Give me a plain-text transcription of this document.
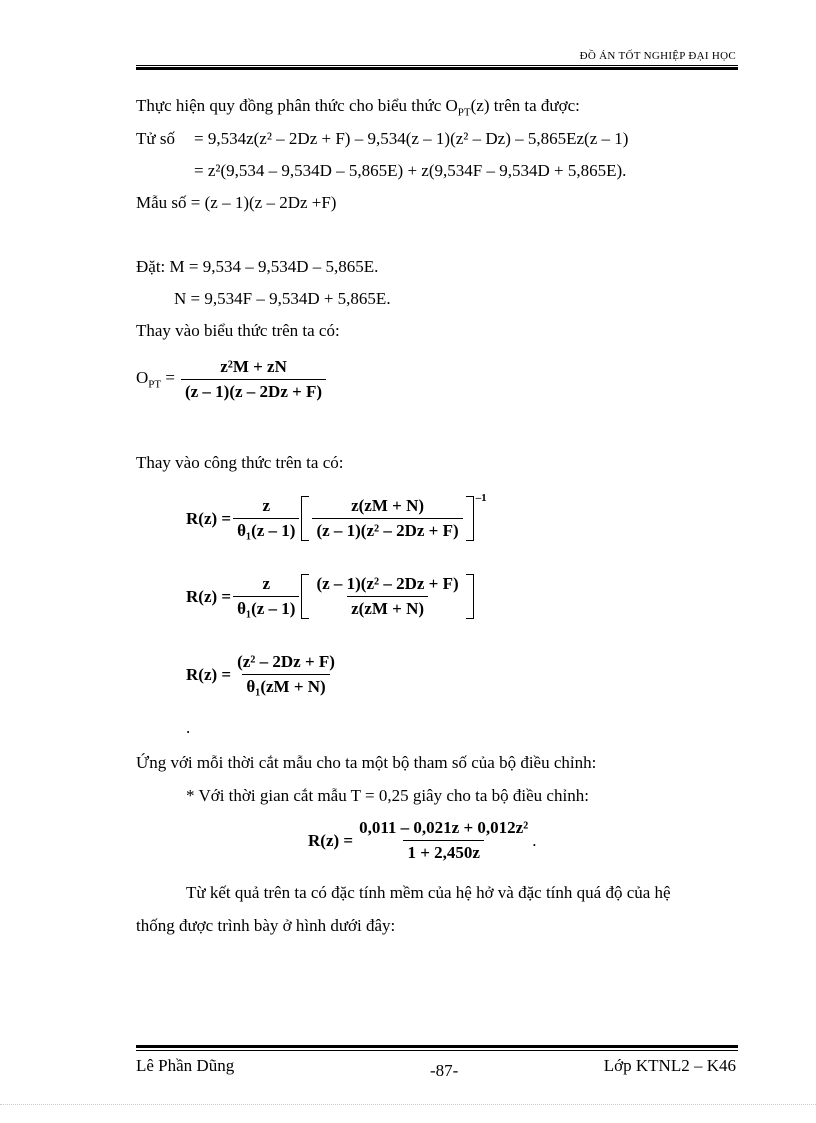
ĐỒ ÁN TỐT NGHIỆP ĐẠI HỌC
Thực hiện quy đồng phân thức cho biểu thức $O_{PT}(z)$ trên ta được:
Tử số = 9,534z(z² – 2Dz + F) – 9,534(z – 1)(z² – Dz) – 5,865Ez(z – 1)
= z²(9,534 – 9,534D – 5,865E) + z(9,534F – 9,534D + 5,865E).
Mẫu số = (z – 1)(z – 2Dz +F)
Đặt: M = 9,534 – 9,534D – 5,865E.
N = 9,534F – 9,534D + 5,865E.
Thay vào biểu thức trên ta có:
$O_{PT} = \frac{\text{z²M + zN}}{(z - 1)(z - 2Dz + F)}$
Thay vào công thức trên ta có:
$R(z) = \frac{z}{\text{θ₁(z – 1)}} \frac{z(zM + N)}{\text{(z – 1)(z² – 2Dz + F)}} ^{-1}$
$R(z) = \frac{z}{\text{θ₁(z – 1)}} \frac{\text{(z – 1)(z² – 2Dz + F)}}{z(zM + N)}$
$R(z) = \frac{\text{(z² – 2Dz + F)}}{\text{θ₁(zM + N)}}$
.
Ứng với mỗi thời cắt mẫu cho ta một bộ tham số của bộ điều chỉnh:
* Với thời gian cắt mẫu T = 0,25 giây cho ta bộ điều chỉnh:
$R(z) = \frac{\text{0,011 – 0,021z + 0,012z²}}{1 + 2,450z}$ .
Từ kết quả trên ta có đặc tính mềm của hệ hở và đặc tính quá độ của hệ
thống được trình bày ở hình dưới đây:
Lê Phần Dũng	-87-	Lớp KTNL2 – K46
